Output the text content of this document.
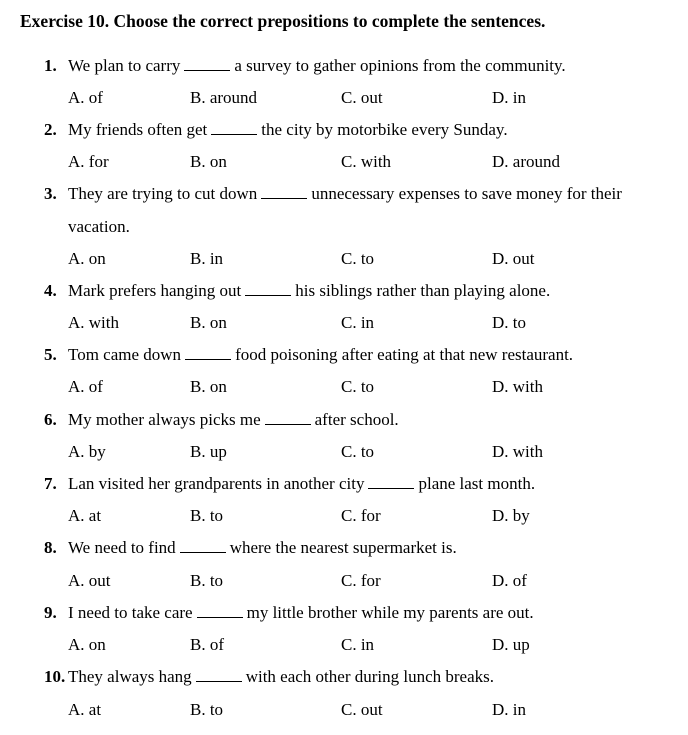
Exercise 10. Choose the correct prepositions to complete the sentences.
1. We plan to carry	a survey to gather opinions from the community.
A. of	B. around	C. out	D. in
2. My friends often get	the city by motorbike every Sunday.
A. for	B. on	C. with	D. around
3. They are trying to cut down	unnecessary expenses to save money for their
vacation.
A. on	B. in	C. to	D. out
4. Mark prefers hanging out	his siblings rather than playing alone.
A. with	B. on	C. in	D. to
5. Tom came down	food poisoning after eating at that new restaurant.
A. of	B. on	C. to	D. with
6. My mother always picks me	after school.
A. by	B. up	C. to	D. with
7. Lan visited her grandparents in another city	plane last month.
A. at	B. to	C. for	D. by
8. We need to find	where the nearest supermarket is.
A. out	B. to	C. for	D. of
9. I need to take care	my little brother while my parents are out.
A. on	B. of	C. in	D. up
10. They always hang	with each other during lunch breaks.
A. at	B. to	C. out	D. in
